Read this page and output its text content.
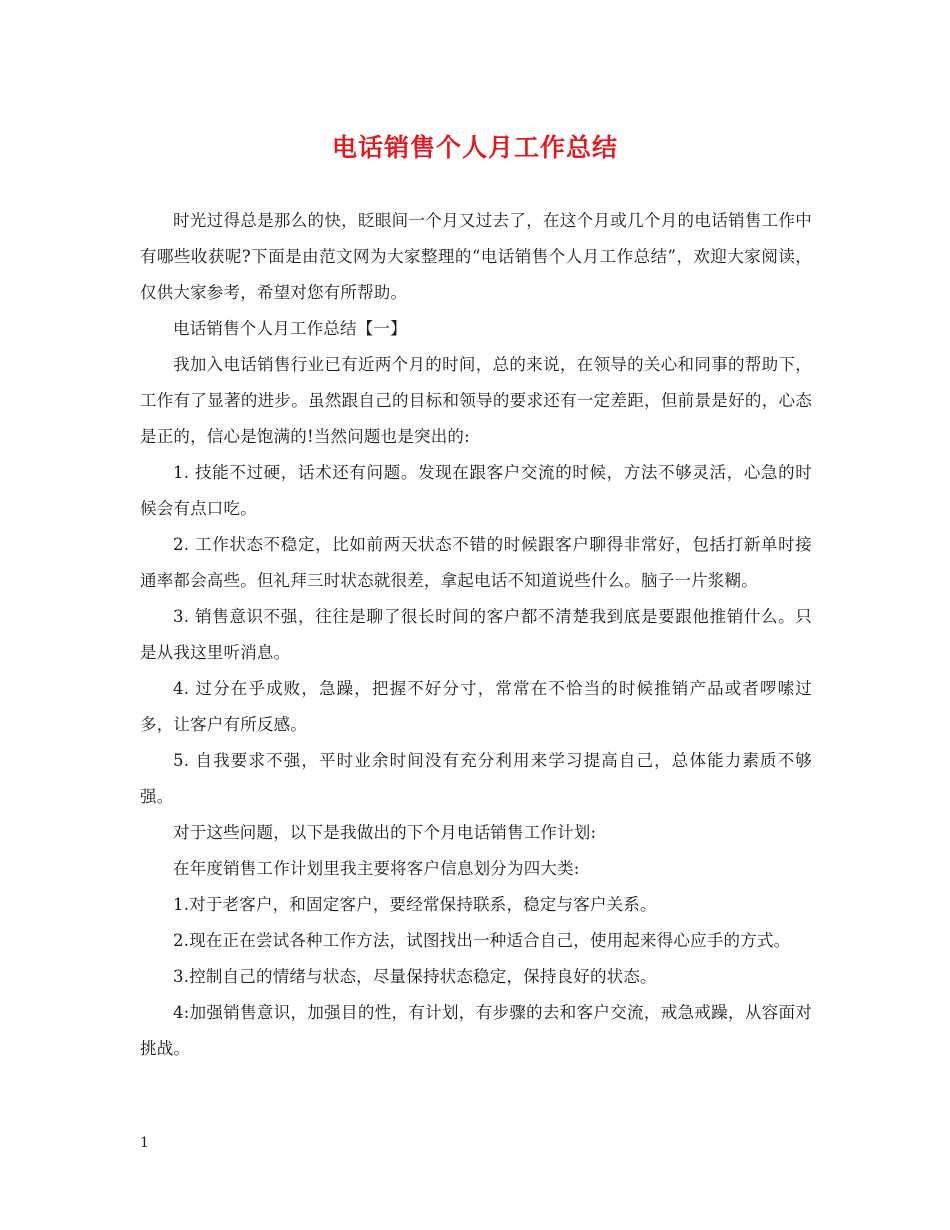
电话销售个人月工作总结

时光过得总是那么的快，眨眼间一个月又过去了，在这个月或几个月的电话销售工作中有哪些收获呢?下面是由范文网为大家整理的“电话销售个人月工作总结”，欢迎大家阅读，仅供大家参考，希望对您有所帮助。

电话销售个人月工作总结【一】

我加入电话销售行业已有近两个月的时间，总的来说，在领导的关心和同事的帮助下，工作有了显著的进步。虽然跟自己的目标和领导的要求还有一定差距，但前景是好的，心态是正的，信心是饱满的!当然问题也是突出的:

1. 技能不过硬，话术还有问题。发现在跟客户交流的时候，方法不够灵活，心急的时候会有点口吃。

2. 工作状态不稳定，比如前两天状态不错的时候跟客户聊得非常好，包括打新单时接通率都会高些。但礼拜三时状态就很差，拿起电话不知道说些什么。脑子一片浆糊。

3. 销售意识不强，往往是聊了很长时间的客户都不清楚我到底是要跟他推销什么。只是从我这里听消息。

4. 过分在乎成败，急躁，把握不好分寸，常常在不恰当的时候推销产品或者啰嗦过多，让客户有所反感。

5. 自我要求不强，平时业余时间没有充分利用来学习提高自己，总体能力素质不够强。

对于这些问题，以下是我做出的下个月电话销售工作计划:

在年度销售工作计划里我主要将客户信息划分为四大类:

1.对于老客户，和固定客户，要经常保持联系，稳定与客户关系。

2.现在正在尝试各种工作方法，试图找出一种适合自己，使用起来得心应手的方式。

3.控制自己的情绪与状态，尽量保持状态稳定，保持良好的状态。

4:加强销售意识，加强目的性，有计划，有步骤的去和客户交流，戒急戒躁，从容面对挑战。

1
